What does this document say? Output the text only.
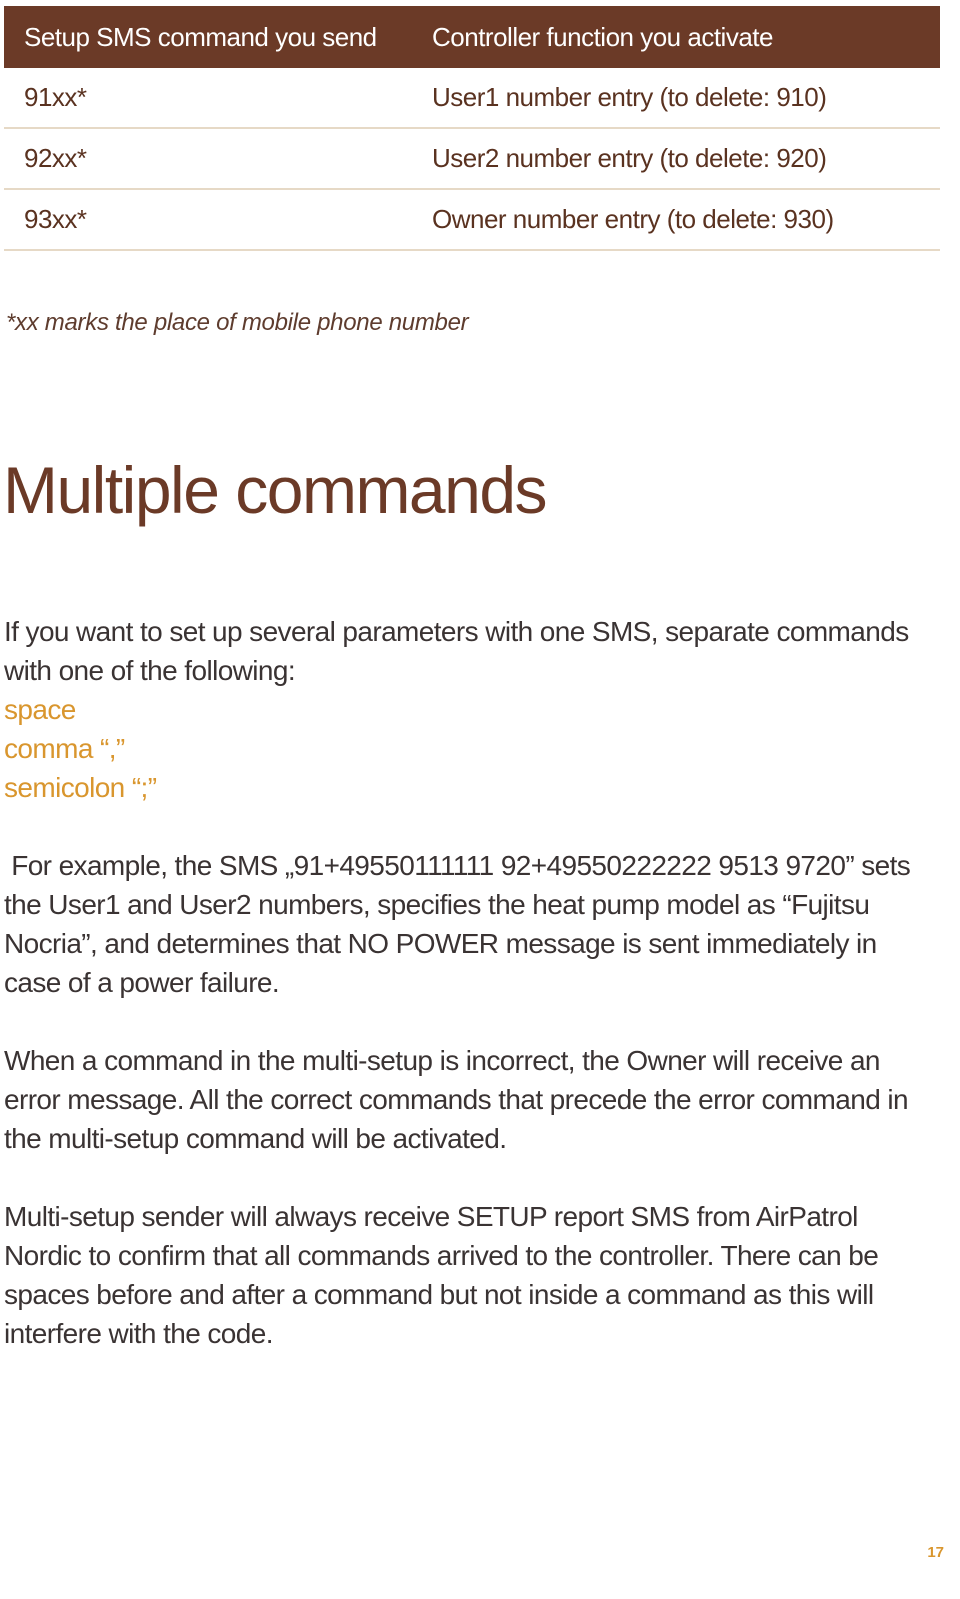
Setup SMS command you send	Controller function you activate
91xx*	User1 number entry (to delete: 910)
92xx*	User2 number entry (to delete: 920)
93xx*	Owner number entry (to delete: 930)
*xx marks the place of mobile phone number
Multiple commands
If you want to set up several parameters with one SMS, separate commands with one of the following:
space
comma “,”
semicolon “;”

For example, the SMS „91+49550111111 92+49550222222 9513 9720” sets the User1 and User2 numbers, specifies the heat pump model as “Fujitsu Nocria”, and determines that NO POWER message is sent immediately in case of a power failure.

When a command in the multi-setup is incorrect, the Owner will receive an error message. All the correct commands that precede the error command in the multi-setup command will be activated.

Multi-setup sender will always receive SETUP report SMS from AirPatrol Nordic to confirm that all commands arrived to the controller. There can be spaces before and after a command but not inside a command as this will interfere with the code.

17
